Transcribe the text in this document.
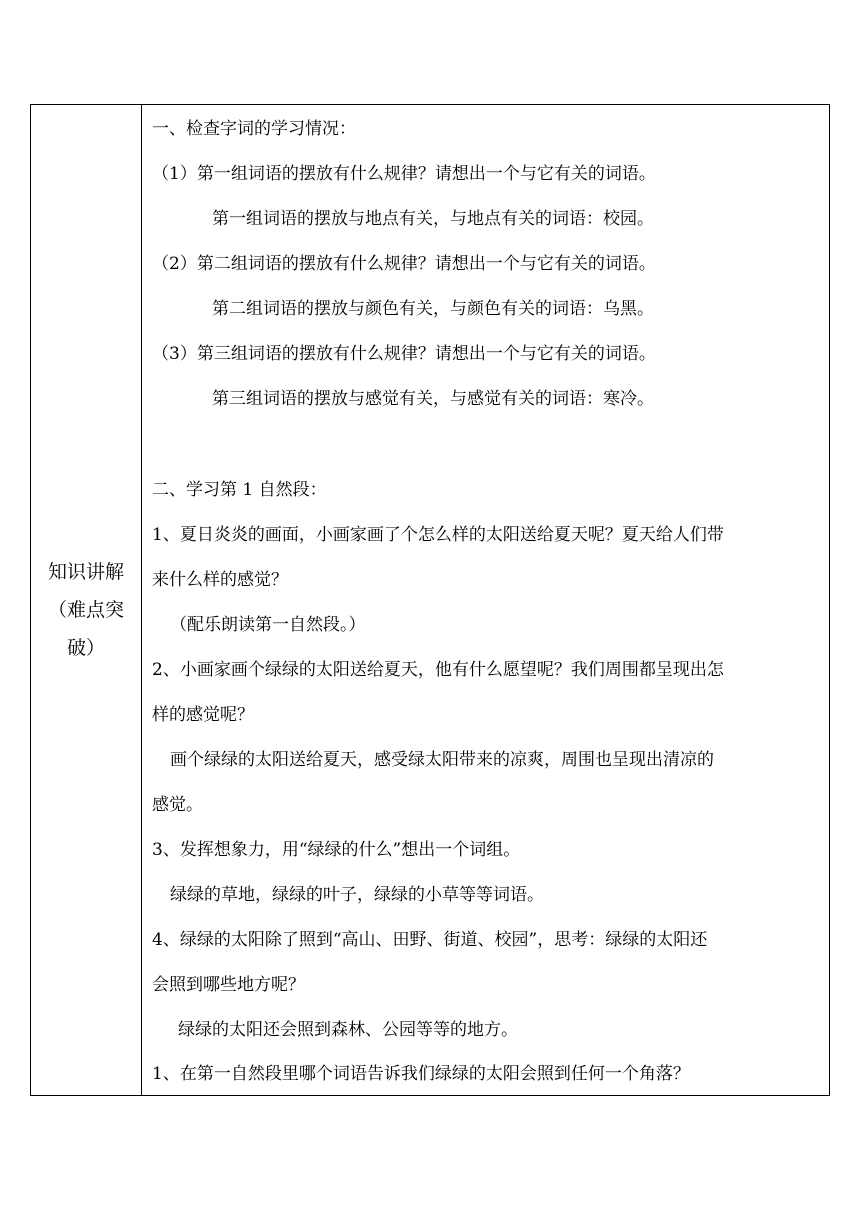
知识讲解
（难点突
破）
一、检查字词的学习情况：
（1）第一组词语的摆放有什么规律？请想出一个与它有关的词语。
第一组词语的摆放与地点有关，与地点有关的词语：校园。
（2）第二组词语的摆放有什么规律？请想出一个与它有关的词语。
第二组词语的摆放与颜色有关，与颜色有关的词语：乌黑。
（3）第三组词语的摆放有什么规律？请想出一个与它有关的词语。
第三组词语的摆放与感觉有关，与感觉有关的词语：寒冷。
二、学习第 1 自然段：
1、夏日炎炎的画面，小画家画了个怎么样的太阳送给夏天呢？夏天给人们带
来什么样的感觉？
（配乐朗读第一自然段。）
2、小画家画个绿绿的太阳送给夏天，他有什么愿望呢？我们周围都呈现出怎
样的感觉呢？
画个绿绿的太阳送给夏天，感受绿太阳带来的凉爽，周围也呈现出清凉的
感觉。
3、发挥想象力，用“绿绿的什么”想出一个词组。
绿绿的草地，绿绿的叶子，绿绿的小草等等词语。
4、绿绿的太阳除了照到“高山、田野、街道、校园”，思考：绿绿的太阳还
会照到哪些地方呢？
绿绿的太阳还会照到森林、公园等等的地方。
1、在第一自然段里哪个词语告诉我们绿绿的太阳会照到任何一个角落？
